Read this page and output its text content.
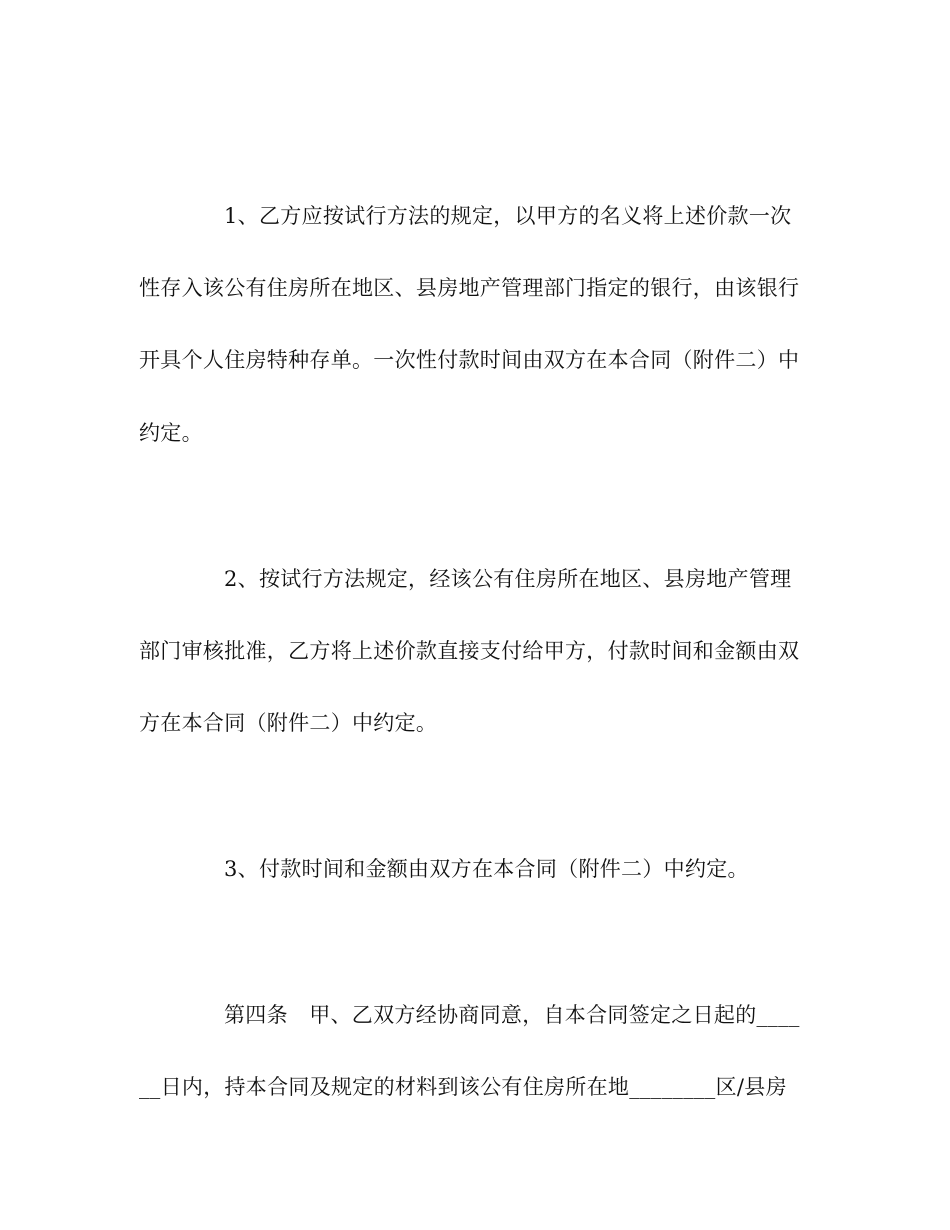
1、乙方应按试行方法的规定，以甲方的名义将上述价款一次
性存入该公有住房所在地区、县房地产管理部门指定的银行，由该银行
开具个人住房特种存单。一次性付款时间由双方在本合同（附件二）中
约定。
2、按试行方法规定，经该公有住房所在地区、县房地产管理
部门审核批准，乙方将上述价款直接支付给甲方，付款时间和金额由双
方在本合同（附件二）中约定。
3、付款时间和金额由双方在本合同（附件二）中约定。
第四条　甲、乙双方经协商同意，自本合同签定之日起的____
__日内，持本合同及规定的材料到该公有住房所在地________区/县房
